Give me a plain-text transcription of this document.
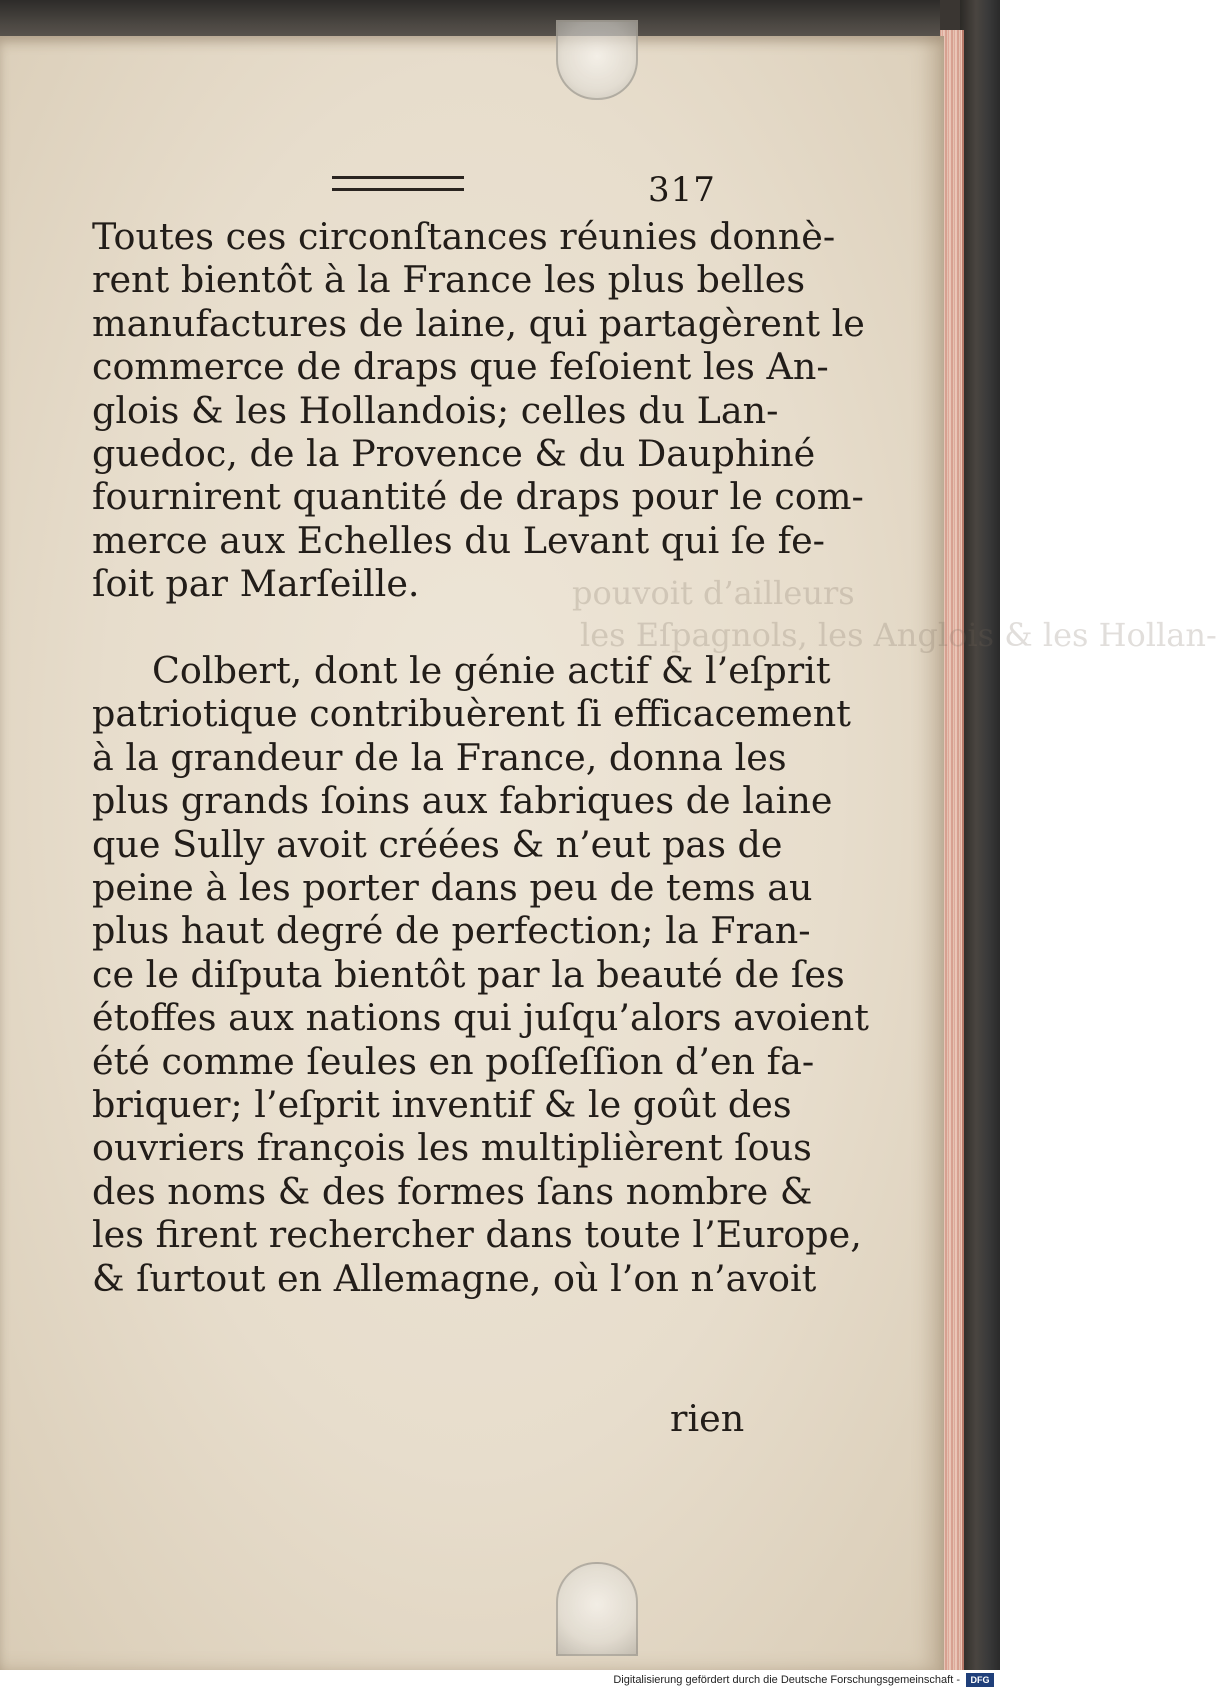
pouvoit d’ailleurs
les Eſpagnols, les Anglois & les Hollan-
317
Toutes ces circonſtances réunies donnè-
rent bientôt à la France les plus belles
manufactures de laine, qui partagèrent le
commerce de draps que feſoient les An-
glois & les Hollandois; celles du Lan-
guedoc, de la Provence & du Dauphiné
fournirent quantité de draps pour le com-
merce aux Echelles du Levant qui ſe fe-
ſoit par Marſeille.
Colbert, dont le génie actif & l’eſprit
patriotique contribuèrent ſi efficacement
à la grandeur de la France, donna les
plus grands ſoins aux fabriques de laine
que Sully avoit créées & n’eut pas de
peine à les porter dans peu de tems au
plus haut degré de perfection; la Fran-
ce le diſputa bientôt par la beauté de ſes
étoffes aux nations qui juſqu’alors avoient
été comme ſeules en poſſeſſion d’en fa-
briquer; l’eſprit inventif & le goût des
ouvriers françois les multiplièrent ſous
des noms & des formes ſans nombre &
les firent rechercher dans toute l’Europe,
& ſurtout en Allemagne, où l’on n’avoit
rien
Digitalisierung gefördert durch die Deutsche Forschungsgemeinschaft -	DFG
